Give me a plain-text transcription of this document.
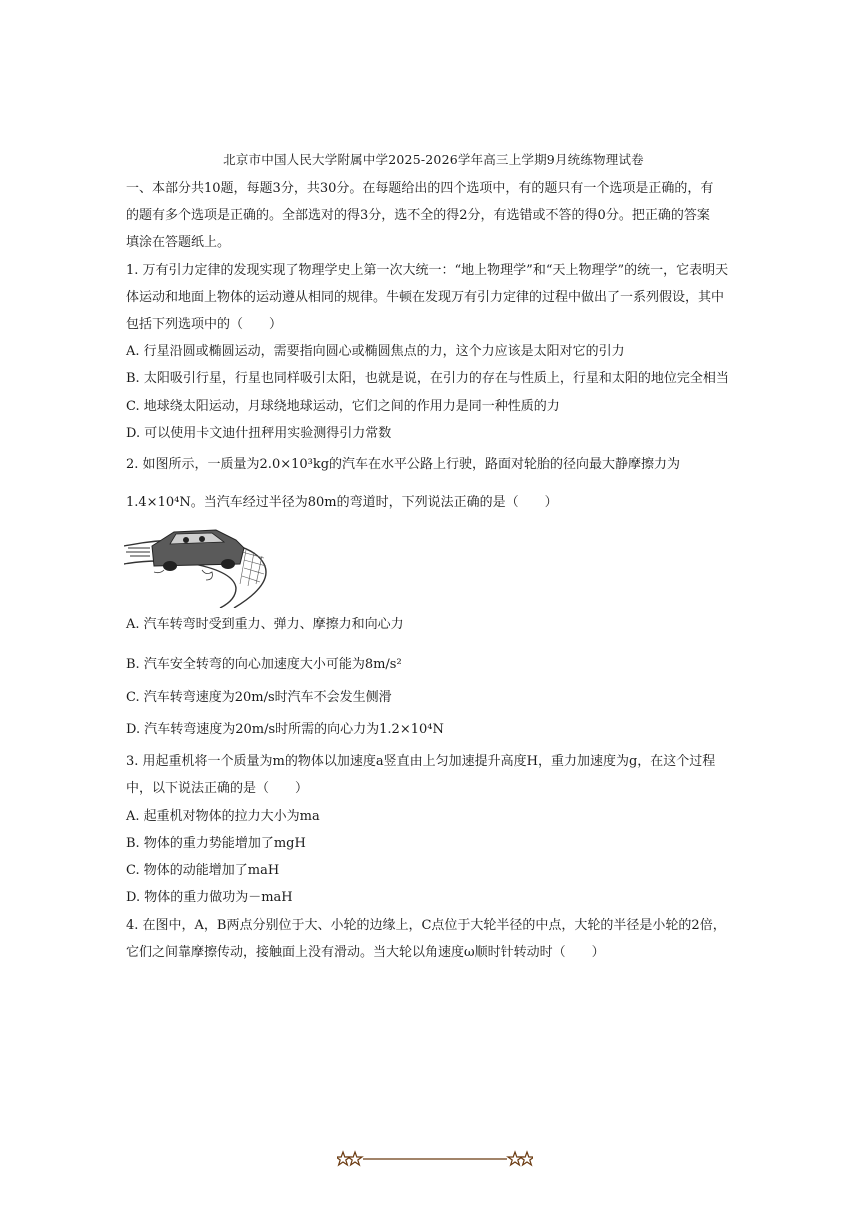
北京市中国人民大学附属中学2025-2026学年高三上学期9月统练物理试卷
一、本部分共10题，每题3分，共30分。在每题给出的四个选项中，有的题只有一个选项是正确的，有
的题有多个选项是正确的。全部选对的得3分，选不全的得2分，有选错或不答的得0分。把正确的答案
填涂在答题纸上。
1. 万有引力定律的发现实现了物理学史上第一次大统一：“地上物理学”和“天上物理学”的统一，它表明天
体运动和地面上物体的运动遵从相同的规律。牛顿在发现万有引力定律的过程中做出了一系列假设，其中
包括下列选项中的（　　）
A. 行星沿圆或椭圆运动，需要指向圆心或椭圆焦点的力，这个力应该是太阳对它的引力
B. 太阳吸引行星，行星也同样吸引太阳，也就是说，在引力的存在与性质上，行星和太阳的地位完全相当
C. 地球绕太阳运动，月球绕地球运动，它们之间的作用力是同一种性质的力
D. 可以使用卡文迪什扭秤用实验测得引力常数
2. 如图所示，一质量为2.0×10³kg的汽车在水平公路上行驶，路面对轮胎的径向最大静摩擦力为
1.4×10⁴N。当汽车经过半径为80m的弯道时，下列说法正确的是（　　）
A. 汽车转弯时受到重力、弹力、摩擦力和向心力
B. 汽车安全转弯的向心加速度大小可能为8m/s²
C. 汽车转弯速度为20m/s时汽车不会发生侧滑
D. 汽车转弯速度为20m/s时所需的向心力为1.2×10⁴N
3. 用起重机将一个质量为m的物体以加速度a竖直由上匀加速提升高度H，重力加速度为g，在这个过程
中，以下说法正确的是（　　）
A. 起重机对物体的拉力大小为ma
B. 物体的重力势能增加了mgH
C. 物体的动能增加了maH
D. 物体的重力做功为－maH
4. 在图中，A，B两点分别位于大、小轮的边缘上，C点位于大轮半径的中点，大轮的半径是小轮的2倍，
它们之间靠摩擦传动，接触面上没有滑动。当大轮以角速度ω顺时针转动时（　　）
